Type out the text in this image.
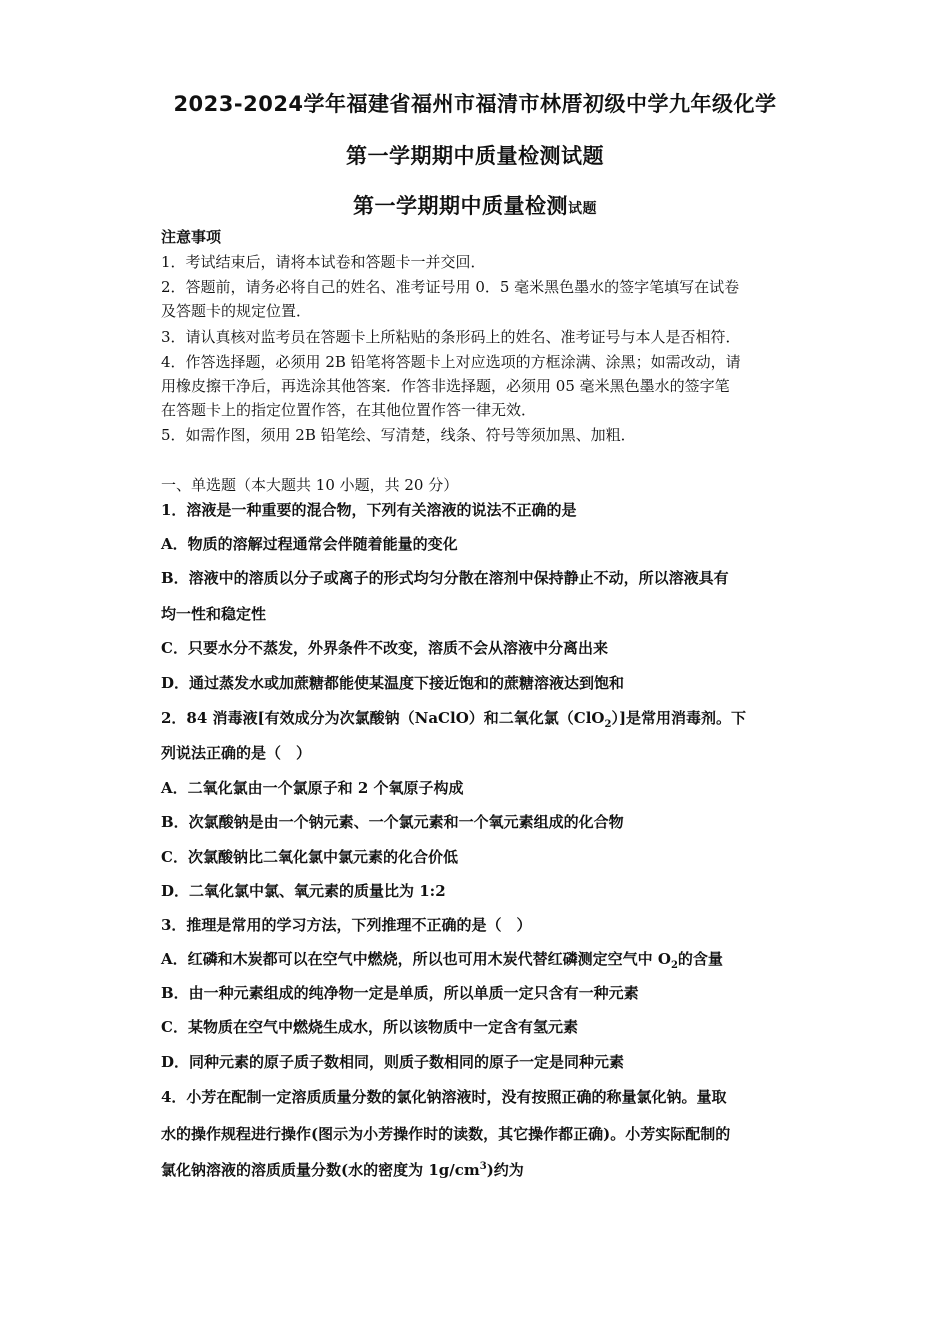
2023-2024学年福建省福州市福清市林厝初级中学九年级化学
第一学期期中质量检测试题
第一学期期中质量检测试题
注意事项
1．考试结束后，请将本试卷和答题卡一并交回．
2．答题前，请务必将自己的姓名、准考证号用 0．5 毫米黑色墨水的签字笔填写在试卷
及答题卡的规定位置．
3．请认真核对监考员在答题卡上所粘贴的条形码上的姓名、准考证号与本人是否相符．
4．作答选择题，必须用 2B 铅笔将答题卡上对应选项的方框涂满、涂黑；如需改动，请
用橡皮擦干净后，再选涂其他答案．作答非选择题，必须用 05 毫米黑色墨水的签字笔
在答题卡上的指定位置作答，在其他位置作答一律无效．
5．如需作图，须用 2B 铅笔绘、写清楚，线条、符号等须加黑、加粗．
一、单选题（本大题共 10 小题，共 20 分）
1．溶液是一种重要的混合物，下列有关溶液的说法不正确的是
A．物质的溶解过程通常会伴随着能量的变化
B．溶液中的溶质以分子或离子的形式均匀分散在溶剂中保持静止不动，所以溶液具有
均一性和稳定性
C．只要水分不蒸发，外界条件不改变，溶质不会从溶液中分离出来
D．通过蒸发水或加蔗糖都能使某温度下接近饱和的蔗糖溶液达到饱和
2．84 消毒液[有效成分为次氯酸钠（NaClO）和二氧化氯（ClO$_2$）]是常用消毒剂。下
列说法正确的是（　）
A．二氧化氯由一个氯原子和 2 个氧原子构成
B．次氯酸钠是由一个钠元素、一个氯元素和一个氧元素组成的化合物
C．次氯酸钠比二氧化氯中氯元素的化合价低
D．二氧化氯中氯、氧元素的质量比为 1:2
3．推理是常用的学习方法，下列推理不正确的是（　）
A．红磷和木炭都可以在空气中燃烧，所以也可用木炭代替红磷测定空气中 $O_2$的含量
B．由一种元素组成的纯净物一定是单质，所以单质一定只含有一种元素
C．某物质在空气中燃烧生成水，所以该物质中一定含有氢元素
D．同种元素的原子质子数相同，则质子数相同的原子一定是同种元素
4．小芳在配制一定溶质质量分数的氯化钠溶液时，没有按照正确的称量氯化钠。量取
水的操作规程进行操作(图示为小芳操作时的读数，其它操作都正确)。小芳实际配制的
氯化钠溶液的溶质质量分数(水的密度为 $1g/cm^3$)约为
